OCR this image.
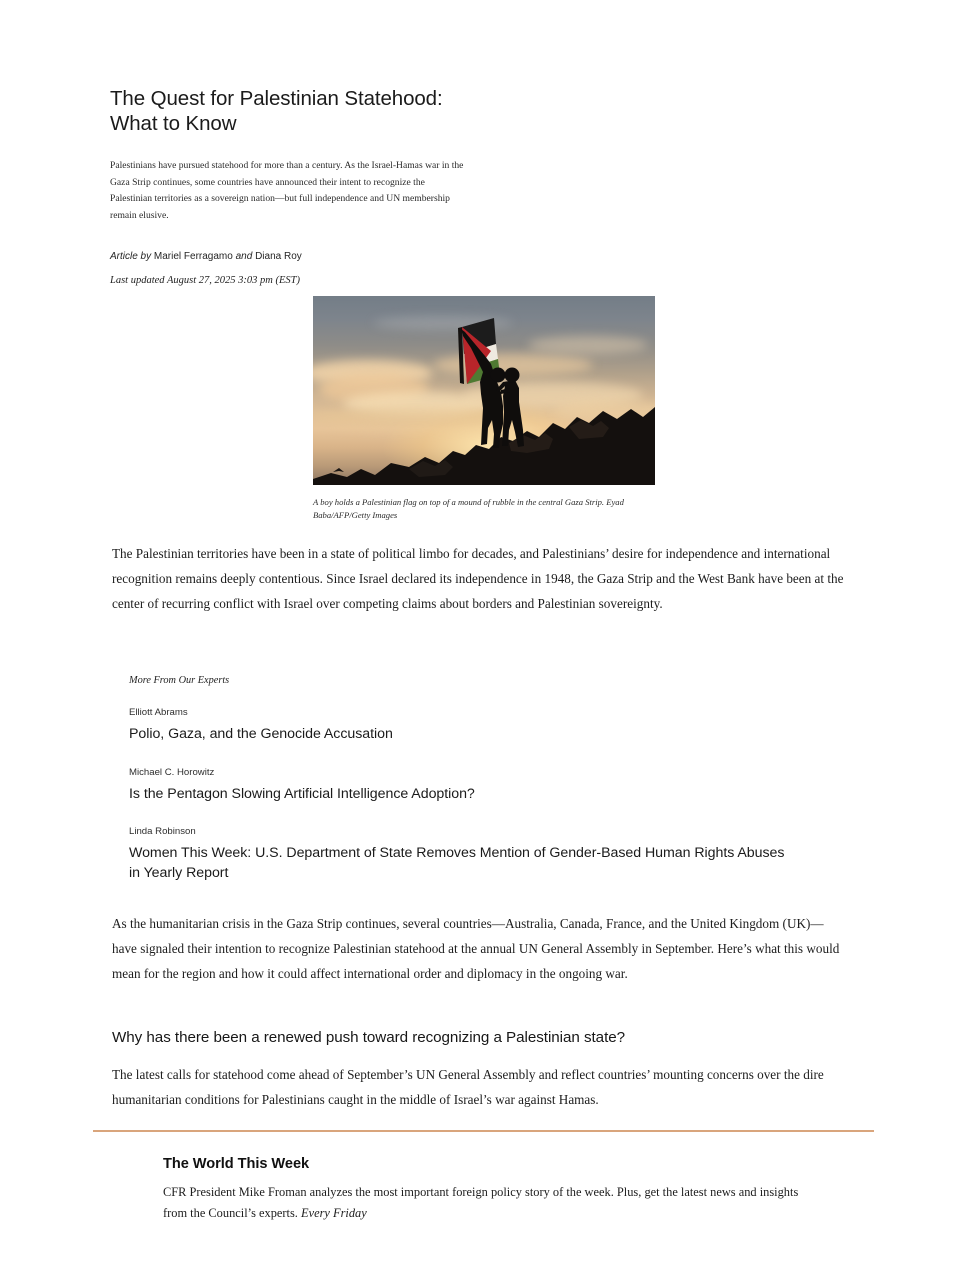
The Quest for Palestinian Statehood:
What to Know

Palestinians have pursued statehood for more than a century. As the Israel-Hamas war in the Gaza Strip continues, some countries have announced their intent to recognize the Palestinian territories as a sovereign nation—but full independence and UN membership remain elusive.

Article by Mariel Ferragamo and Diana Roy

Last updated August 27, 2025 3:03 pm (EST)

A boy holds a Palestinian flag on top of a mound of rubble in the central Gaza Strip. Eyad Baba/AFP/Getty Images

The Palestinian territories have been in a state of political limbo for decades, and Palestinians’ desire for independence and international recognition remains deeply contentious. Since Israel declared its independence in 1948, the Gaza Strip and the West Bank have been at the center of recurring conflict with Israel over competing claims about borders and Palestinian sovereignty.

More From Our Experts
Elliott Abrams
Polio, Gaza, and the Genocide Accusation
Michael C. Horowitz
Is the Pentagon Slowing Artificial Intelligence Adoption?
Linda Robinson
Women This Week: U.S. Department of State Removes Mention of Gender-Based Human Rights Abuses in Yearly Report

As the humanitarian crisis in the Gaza Strip continues, several countries—Australia, Canada, France, and the United Kingdom (UK)—have signaled their intention to recognize Palestinian statehood at the annual UN General Assembly in September. Here’s what this would mean for the region and how it could affect international order and diplomacy in the ongoing war.

Why has there been a renewed push toward recognizing a Palestinian state?

The latest calls for statehood come ahead of September’s UN General Assembly and reflect countries’ mounting concerns over the dire humanitarian conditions for Palestinians caught in the middle of Israel’s war against Hamas.

The World This Week

CFR President Mike Froman analyzes the most important foreign policy story of the week. Plus, get the latest news and insights from the Council’s experts. Every Friday
